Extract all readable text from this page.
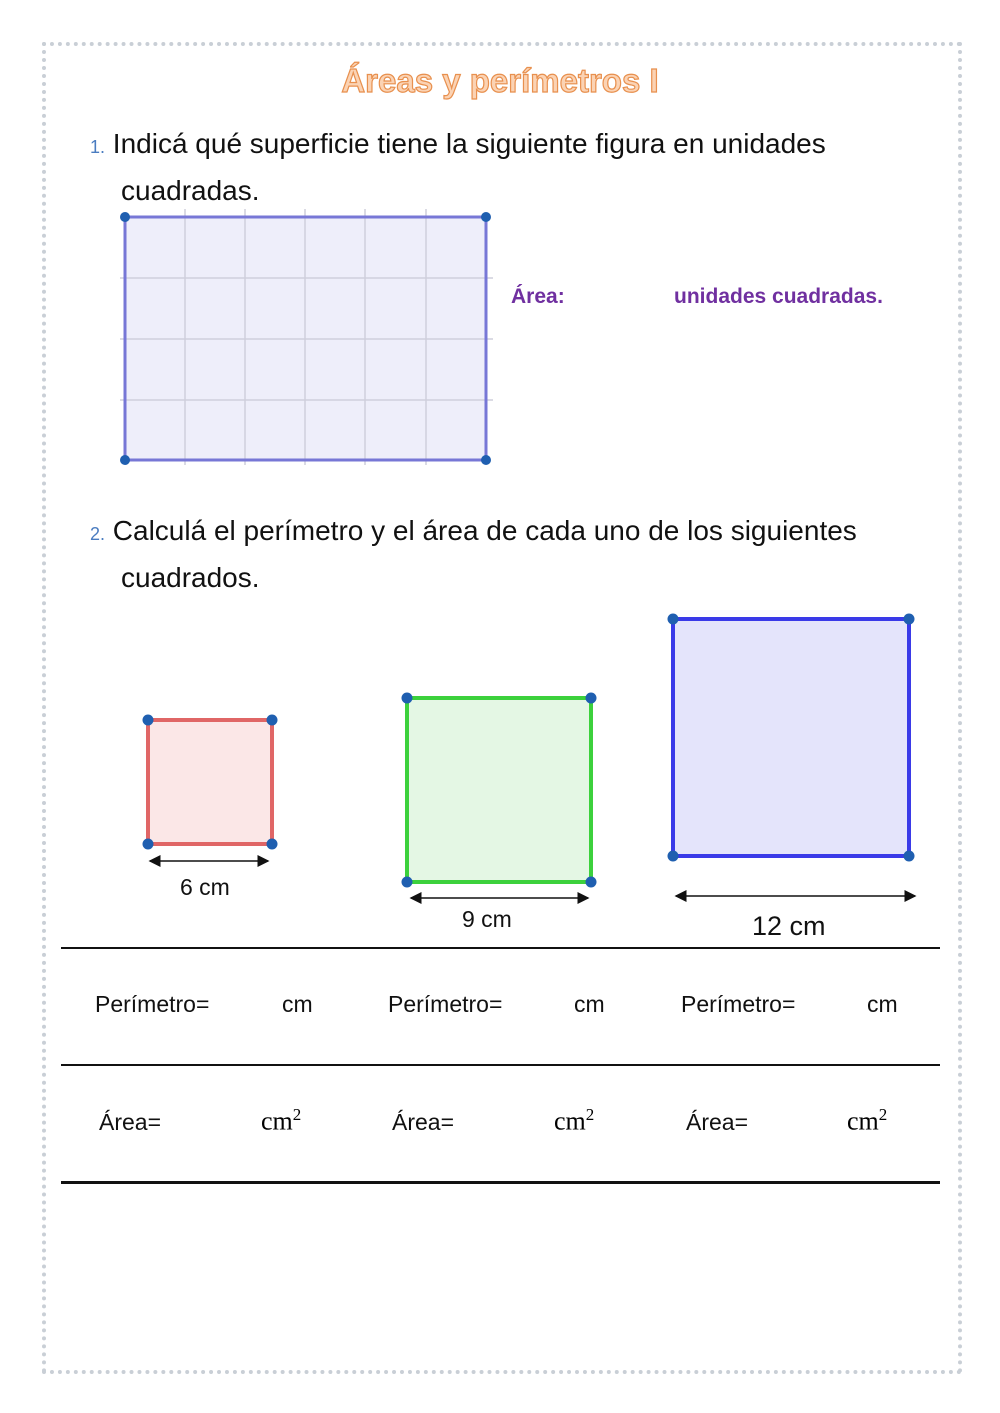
Áreas y perímetros I
1. Indicá qué superficie tiene la siguiente figura en unidades
cuadradas.
Área:	unidades cuadradas.
2. Calculá el perímetro y el área de cada uno de los siguientes
cuadrados.
6 cm
9 cm	12 cm
Perímetro=	cm	Perímetro=	cm	Perímetro=	cm
Área=	$cm^2$	Área=	$cm^2$	Área=	$cm^2$
